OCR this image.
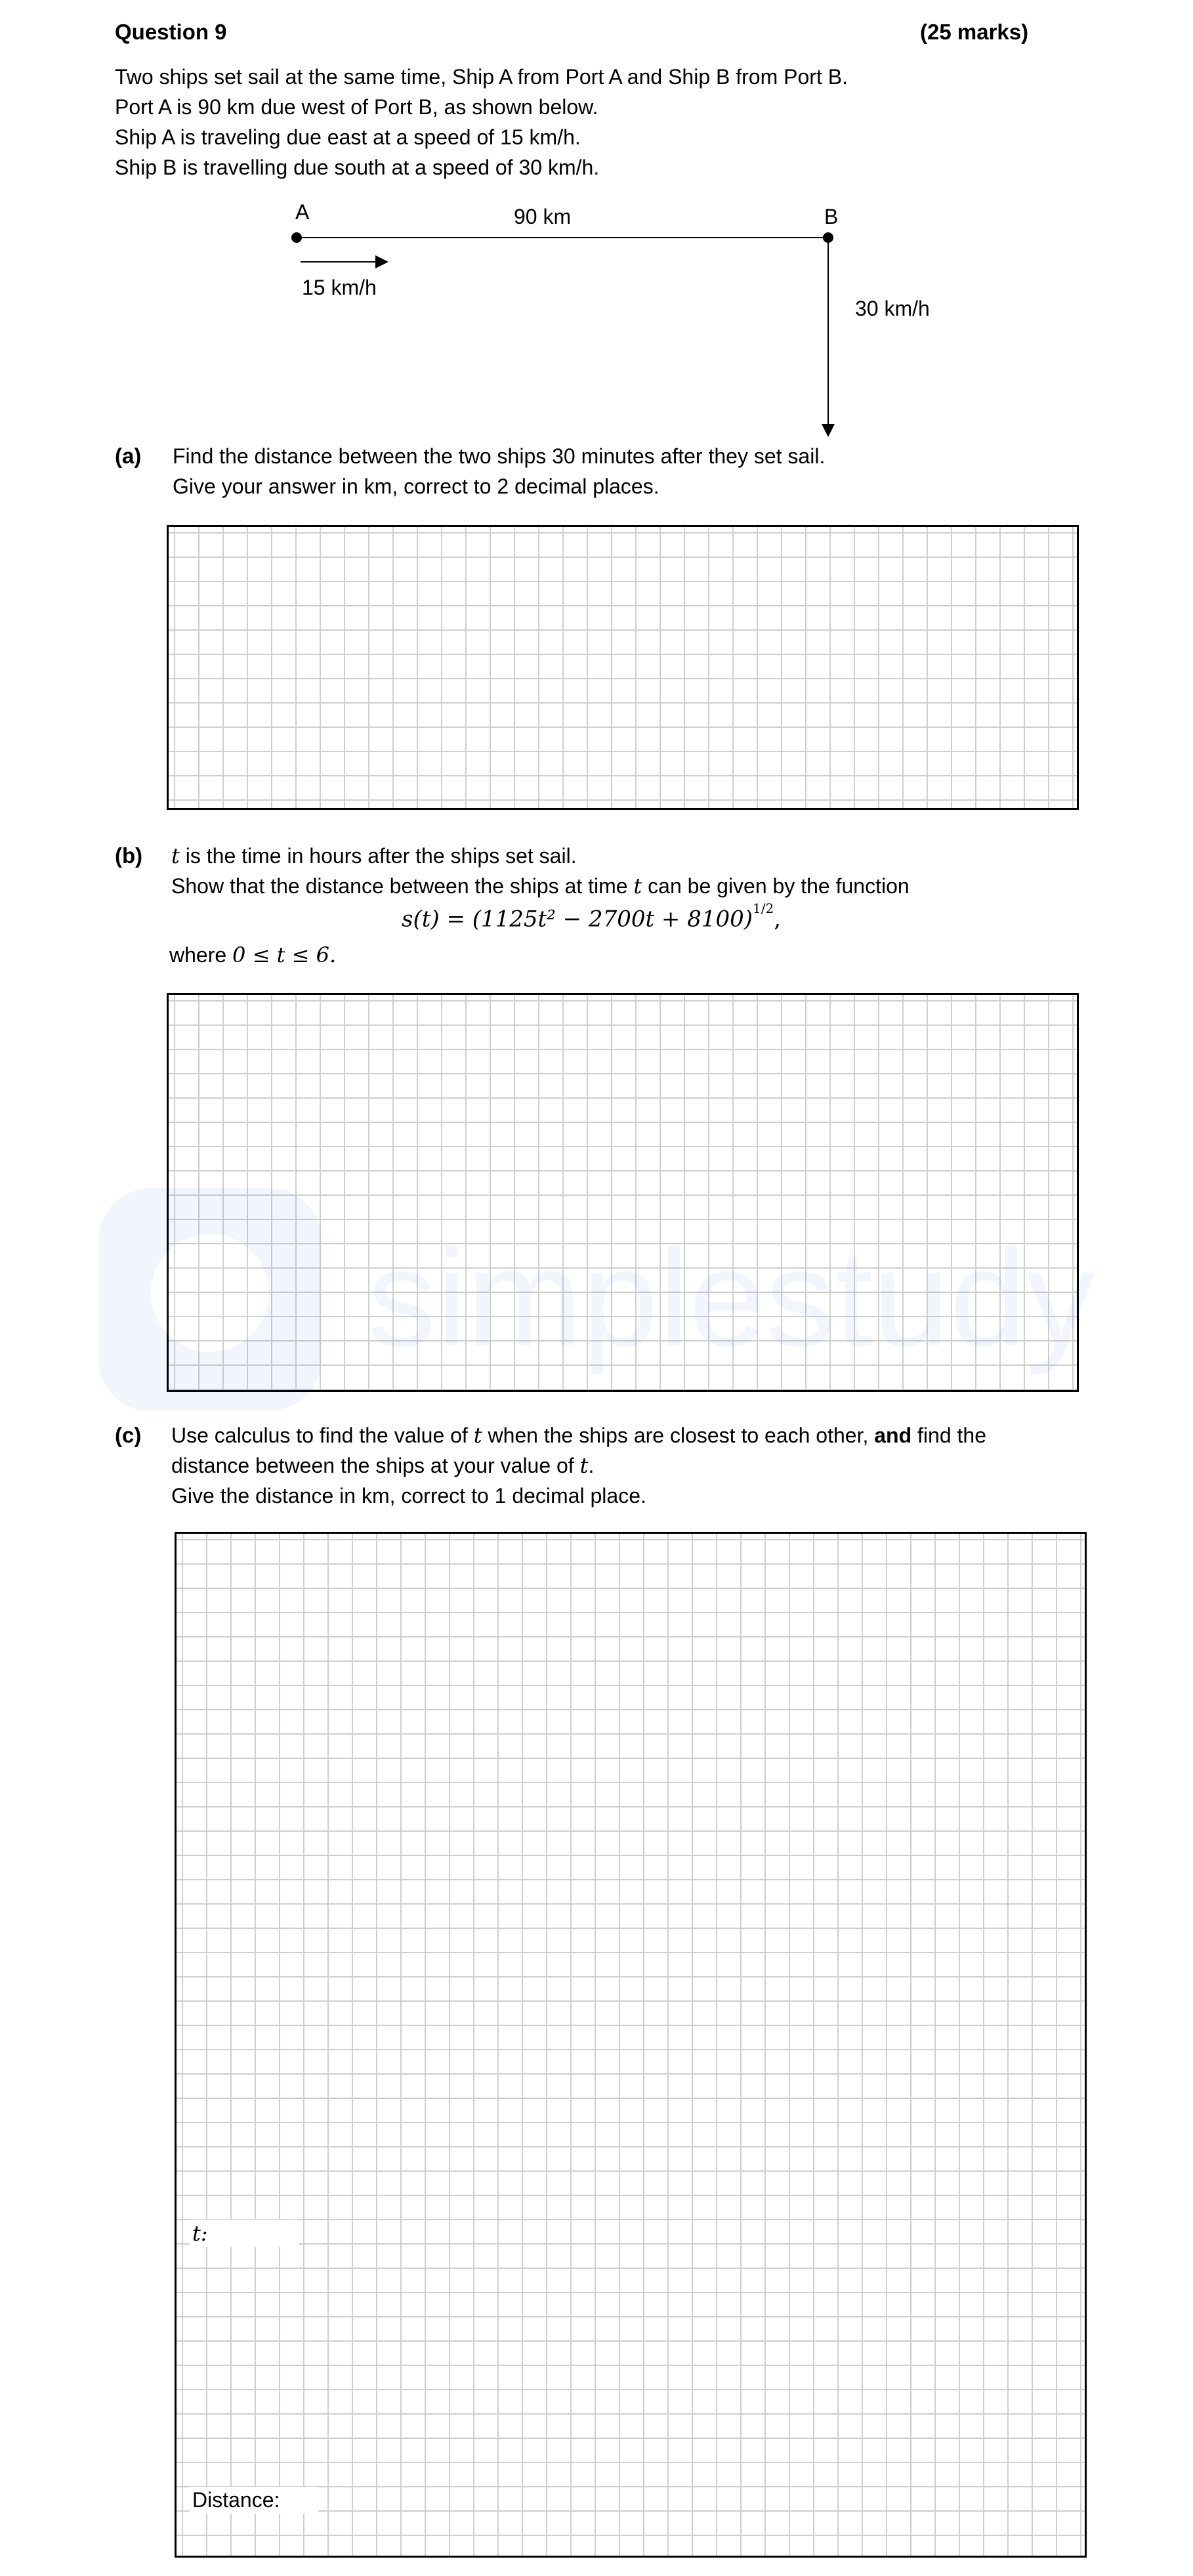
Question 9	(25 marks)
Two ships set sail at the same time, Ship A from Port A and Ship B from Port B.
Port A is 90 km due west of Port B, as shown below.
Ship A is traveling due east at a speed of 15 km/h.
Ship B is travelling due south at a speed of 30 km/h.
A	B
90 km
15 km/h
30 km/h
(a) Find the distance between the two ships 30 minutes after they set sail.
Give your answer in km, correct to 2 decimal places.
(b) t is the time in hours after the ships set sail.
Show that the distance between the ships at time t can be given by the function
$s(t) = (1125t^2 - 2700t + 8100)^{1/2}$,
where 0 ≤ t ≤ 6.
simplestudy
(c) Use calculus to find the value of t when the ships are closest to each other, and find the
distance between the ships at your value of t.
Give the distance in km, correct to 1 decimal place.
t:
Distance:
